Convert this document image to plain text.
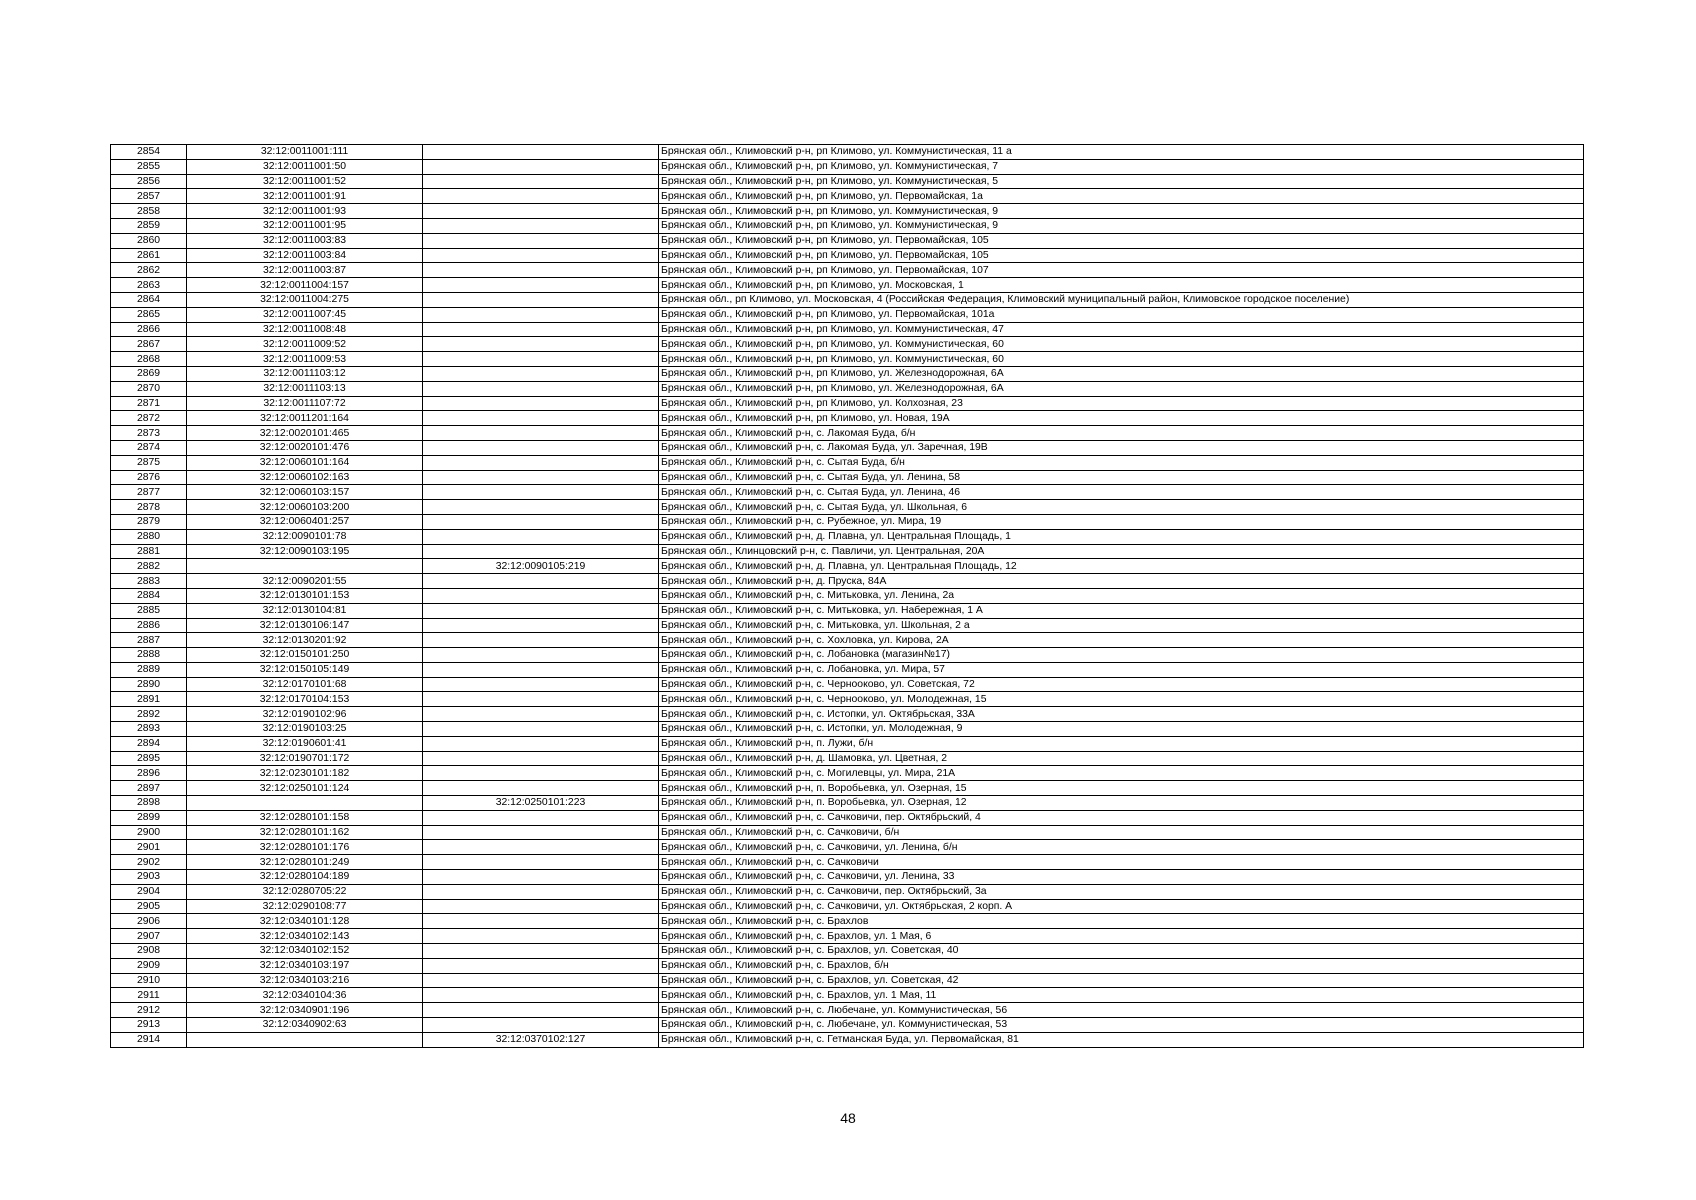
2854	32:12:0011001:111		Брянская обл., Климовский р-н, рп Климово, ул. Коммунистическая, 11 а
2855	32:12:0011001:50		Брянская обл., Климовский р-н, рп Климово, ул. Коммунистическая, 7
2856	32:12:0011001:52		Брянская обл., Климовский р-н, рп Климово, ул. Коммунистическая, 5
2857	32:12:0011001:91		Брянская обл., Климовский р-н, рп Климово, ул. Первомайская, 1а
2858	32:12:0011001:93		Брянская обл., Климовский р-н, рп Климово, ул. Коммунистическая, 9
2859	32:12:0011001:95		Брянская обл., Климовский р-н, рп Климово, ул. Коммунистическая, 9
2860	32:12:0011003:83		Брянская обл., Климовский р-н, рп Климово, ул. Первомайская, 105
2861	32:12:0011003:84		Брянская обл., Климовский р-н, рп Климово, ул. Первомайская, 105
2862	32:12:0011003:87		Брянская обл., Климовский р-н, рп Климово, ул. Первомайская, 107
2863	32:12:0011004:157		Брянская обл., Климовский р-н, рп Климово, ул. Московская, 1
2864	32:12:0011004:275		Брянская обл., рп Климово, ул. Московская, 4 (Российская Федерация, Климовский муниципальный район, Климовское городское поселение)
2865	32:12:0011007:45		Брянская обл., Климовский р-н, рп Климово, ул. Первомайская, 101а
2866	32:12:0011008:48		Брянская обл., Климовский р-н, рп Климово, ул. Коммунистическая, 47
2867	32:12:0011009:52		Брянская обл., Климовский р-н, рп Климово, ул. Коммунистическая, 60
2868	32:12:0011009:53		Брянская обл., Климовский р-н, рп Климово, ул. Коммунистическая, 60
2869	32:12:0011103:12		Брянская обл., Климовский р-н, рп Климово, ул. Железнодорожная, 6А
2870	32:12:0011103:13		Брянская обл., Климовский р-н, рп Климово, ул. Железнодорожная, 6А
2871	32:12:0011107:72		Брянская обл., Климовский р-н, рп Климово, ул. Колхозная, 23
2872	32:12:0011201:164		Брянская обл., Климовский р-н, рп Климово, ул. Новая, 19А
2873	32:12:0020101:465		Брянская обл., Климовский р-н, с. Лакомая Буда, б/н
2874	32:12:0020101:476		Брянская обл., Климовский р-н, с. Лакомая Буда, ул. Заречная, 19В
2875	32:12:0060101:164		Брянская обл., Климовский р-н, с. Сытая Буда, б/н
2876	32:12:0060102:163		Брянская обл., Климовский р-н, с. Сытая Буда, ул. Ленина, 58
2877	32:12:0060103:157		Брянская обл., Климовский р-н, с. Сытая Буда, ул. Ленина, 46
2878	32:12:0060103:200		Брянская обл., Климовский р-н, с. Сытая Буда, ул. Школьная, 6
2879	32:12:0060401:257		Брянская обл., Климовский р-н, с. Рубежное, ул. Мира, 19
2880	32:12:0090101:78		Брянская обл., Климовский р-н, д. Плавна, ул. Центральная Площадь, 1
2881	32:12:0090103:195		Брянская обл., Клинцовский р-н, с. Павличи, ул. Центральная, 20А
2882		32:12:0090105:219	Брянская обл., Климовский р-н, д. Плавна, ул. Центральная Площадь, 12
2883	32:12:0090201:55		Брянская обл., Климовский р-н, д. Пруска, 84А
2884	32:12:0130101:153		Брянская обл., Климовский р-н, с. Митьковка, ул. Ленина, 2а
2885	32:12:0130104:81		Брянская обл., Климовский р-н, с. Митьковка, ул. Набережная, 1 А
2886	32:12:0130106:147		Брянская обл., Климовский р-н, с. Митьковка, ул. Школьная, 2 а
2887	32:12:0130201:92		Брянская обл., Климовский р-н, с. Хохловка, ул. Кирова, 2А
2888	32:12:0150101:250		Брянская обл., Климовский р-н, с. Лобановка (магазин№17)
2889	32:12:0150105:149		Брянская обл., Климовский р-н, с. Лобановка, ул. Мира, 57
2890	32:12:0170101:68		Брянская обл., Климовский р-н, с. Чернооково, ул. Советская, 72
2891	32:12:0170104:153		Брянская обл., Климовский р-н, с. Чернооково, ул. Молодежная, 15
2892	32:12:0190102:96		Брянская обл., Климовский р-н, с. Истопки, ул. Октябрьская, 33А
2893	32:12:0190103:25		Брянская обл., Климовский р-н, с. Истопки, ул. Молодежная, 9
2894	32:12:0190601:41		Брянская обл., Климовский р-н, п. Лужи, б/н
2895	32:12:0190701:172		Брянская обл., Климовский р-н, д. Шамовка, ул. Цветная, 2
2896	32:12:0230101:182		Брянская обл., Климовский р-н, с. Могилевцы, ул. Мира, 21А
2897	32:12:0250101:124		Брянская обл., Климовский р-н, п. Воробьевка, ул. Озерная, 15
2898		32:12:0250101:223	Брянская обл., Климовский р-н, п. Воробьевка, ул. Озерная, 12
2899	32:12:0280101:158		Брянская обл., Климовский р-н, с. Сачковичи, пер. Октябрьский, 4
2900	32:12:0280101:162		Брянская обл., Климовский р-н, с. Сачковичи, б/н
2901	32:12:0280101:176		Брянская обл., Климовский р-н, с. Сачковичи, ул. Ленина, б/н
2902	32:12:0280101:249		Брянская обл., Климовский р-н, с. Сачковичи
2903	32:12:0280104:189		Брянская обл., Климовский р-н, с. Сачковичи, ул. Ленина, 33
2904	32:12:0280705:22		Брянская обл., Климовский р-н, с. Сачковичи, пер. Октябрьский, 3а
2905	32:12:0290108:77		Брянская обл., Климовский р-н, с. Сачковичи, ул. Октябрьская, 2 корп. А
2906	32:12:0340101:128		Брянская обл., Климовский р-н, с. Брахлов
2907	32:12:0340102:143		Брянская обл., Климовский р-н, с. Брахлов, ул. 1 Мая, 6
2908	32:12:0340102:152		Брянская обл., Климовский р-н, с. Брахлов, ул. Советская, 40
2909	32:12:0340103:197		Брянская обл., Климовский р-н, с. Брахлов, б/н
2910	32:12:0340103:216		Брянская обл., Климовский р-н, с. Брахлов, ул. Советская, 42
2911	32:12:0340104:36		Брянская обл., Климовский р-н, с. Брахлов, ул. 1 Мая, 11
2912	32:12:0340901:196		Брянская обл., Климовский р-н, с. Любечане, ул. Коммунистическая, 56
2913	32:12:0340902:63		Брянская обл., Климовский р-н, с. Любечане, ул. Коммунистическая, 53
2914		32:12:0370102:127	Брянская обл., Климовский р-н, с. Гетманская Буда, ул. Первомайская, 81
48
